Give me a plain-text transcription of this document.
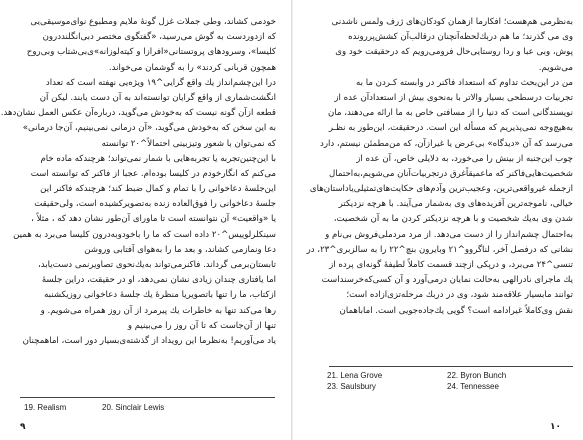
خودمی کشاند، وطی جملات غزل گونهٔ ملایم ومطبوع نوای‌موسیقی‌یی
که ازدوردست به گوش می‌رسید، «گفتگوی مختصر دبی‌انگلند‌درون
کلیسا»، وسرودهای پروتستانی‌«افرازا و کیته‌لوزانه»ی‌بی‌شتاب وبی‌روح
همچون قربانی کردند» را به گوشمان می‌خواند.
درا این‌چشم‌انداز یك واقع گرایی^۱۹ ویژه‌یی نهفته است که تعداد
انگشت‌شماری از واقع گرایان توانسته‌اند به آن دست یابند. لیکن آن
قطعه ازآن گونه نیست که به‌خودش می‌گوید، درباره‌آن عکس العمل نشان‌دهد.
به این سخن که به‌خودش می‌گوید، «آن درمانی نمی‌بینیم، آن‌جا درمانی»
که نمی‌توان با شعور وتیزبینی احتمالاً^۲۰ توانسته
با این‌چنین‌تجربه یا تجربه‌هایی با شمار نمی‌تواند؛ هرچندکه ماده خام
می‌کنم که انگارخودم در کلیسا بوده‌ام. عجبا از فاکنر که توانسته است
این‌جلسهٔ دعاخوانی را با تمام و کمال ضبط کند؛ هرچندکه فاکنر این
جلسهٔ دعاخوانی را فوق‌العاده زنده به‌تصویرکشیده است، ولی‌حقیقت
یا «واقعیت» آن نتوانسته است تا ماورای آن‌طور نشان دهد که ، مثلاً ،
سینکلرلوییس^۲۰ داده است که ما را باخودوبه‌درون کلیسا می‌برد به همین
دعا ونمازمی کشاند، و بعد ما را به‌هوای آفتابی وروشن
تابستان‌برمی گرداند. فاکنرمی‌تواند به‌یك‌نحوی تصاویرنمی‌ دست‌یابد،
اما یافتاری چندان زیادی نشان نمی‌دهد، او در حقیقت، دراین جلسهٔ
ازکتاب، ما را تنها باتصویر‌یا منظرهٔ یك جلسهٔ دعاخوانی روزیکشنبه
رها می‌کند تنها به خاطرات یك پیرمرد از آن روز همراه می‌شویم. و
تنها از آن‌جا‌ست که تا آن روز را می‌بینیم و
یاد می‌آوریم! به‌نظرما این رویداد از گذشته‌ی‌بسیار دور است، اما‌همچنان
19. Realism	20. Sinclair Lewis
۹
به‌نظرمی‌ هم‌هست؛ افکارما ازهمان کودکان‌های ژرف ولمس ناشدنی
وی می‌ گذرند؛ ما هم دربك‌لحظه‌آنچنان درقالب‌آن کشش‌پررونده
پوش، وبی عبا و ردا روستایی‌حال فرومی‌رویم که درحقیقت خود وی
می‌شویم.
من در این‌بحث‌ تداوم که‌ استعداد فاکنر در وابسته کـردن ما به
تجربیات درسطحی بسیار والاتر با به‌نحوی بیش از استعداد‌آن عده از
نویسندگانی است که دنیا را از مسافتی خاص به ما ارائه می‌دهند، ما‌ن
به‌هیچ‌وجه نمی‌پذیریم که مسأله این است. درحقیقت، این‌طور به نظـر
می‌رسد که آن «دیدگاه» بی‌عرض یا غیرازآن، که من‌مطمئن نیستم، دارد
چوب این‌جنبه از بینش را می‌خورد، به دلایلی خاص، آن عده از
شخصیت‌هایی‌فاکنر که ماعمیقاً‌غرق درتجربیات‌آنان می‌شویم،به‌احتمال
ازجمله غیرواقعی‌ترین، وعجیب‌ترین وآدم‌های حکایت‌های‌تمثیلی‌یاداستان‌های
خیالی، ناموجه‌ترین آفریده‌های وی به‌شمار می‌آیند. با هرچه نزدیکتر
شدن وی به‌یك شخصیت و با هرچه نزدیکتر کردن ما به آن شخصیت،
به‌احتمال چشم‌انداز را از دست می‌دهد. از مرد مرد‌ملی‌فروش بی‌نام و
نشانی که درفصل آخر، لناگروو^۲۱ وبایرون بنچ^۲۲ را به سالزبری^۲۳، در
تنسی^۲۴ می‌برد، و درپکی ازچند قسمت کاملاً لطیفهٔ گونه‌ای پرده از
یك ماجرای نادرالهی به‌حالت نمایان درمی‌آورد و آن کسی‌که‌خرسند‌است
توانند ما‌بسیار علاقه‌مند شود، وی در دربك مرحله‌تزی‌ازاده است؛
نقش وی‌کاملاً غیرادامه است؟ گویی یك‌جاده‌جویی است. امابا‌همان
21. Lena Grove	22. Byron Bunch
23. Saulsbury	24. Tennessee
۱۰
